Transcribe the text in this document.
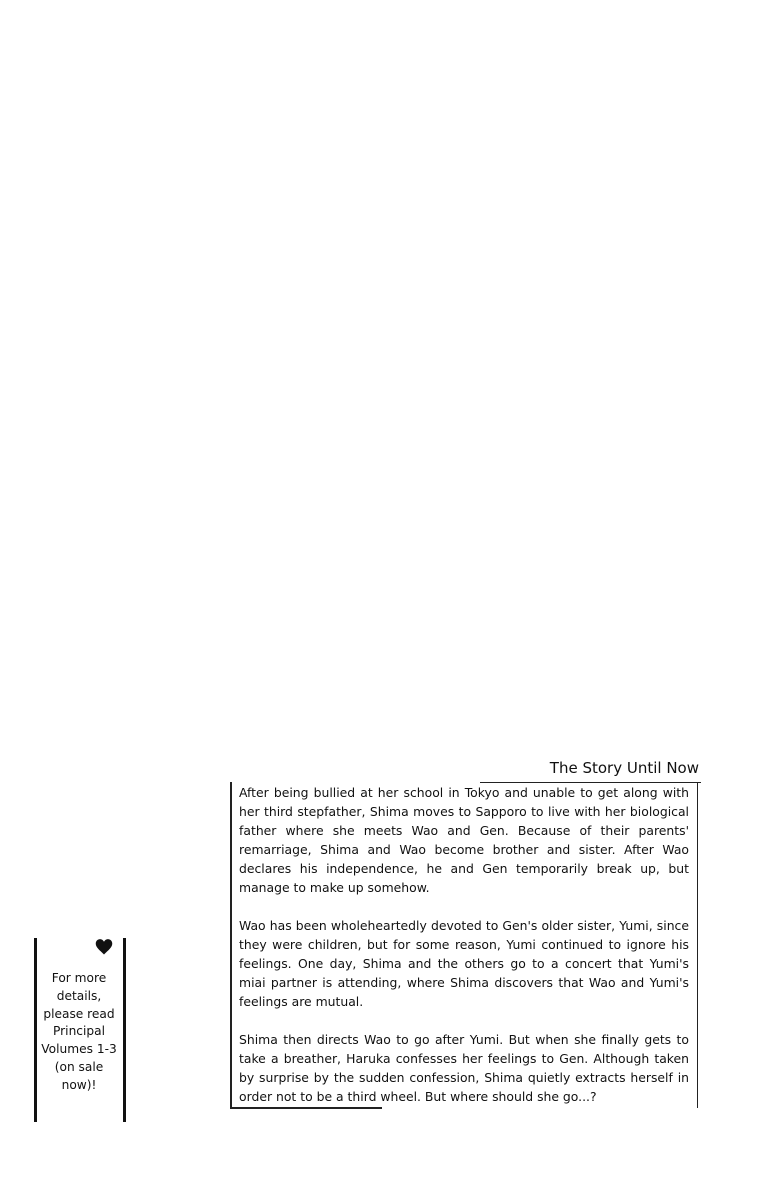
The Story Until Now

After being bullied at her school in Tokyo and unable to get along with her third stepfather, Shima moves to Sapporo to live with her biological father where she meets Wao and Gen. Because of their parents' remarriage, Shima and Wao become brother and sister. After Wao declares his independence, he and Gen temporarily break up, but manage to make up somehow.

Wao has been wholeheartedly devoted to Gen's older sister, Yumi, since they were children, but for some reason, Yumi continued to ignore his feelings. One day, Shima and the others go to a concert that Yumi's miai partner is attending, where Shima discovers that Wao and Yumi's feelings are mutual.

Shima then directs Wao to go after Yumi. But when she finally gets to take a breather, Haruka confesses her feelings to Gen. Although taken by surprise by the sudden confession, Shima quietly extracts herself in order not to be a third wheel. But where should she go...?

For more
details,
please read
Principal
Volumes 1-3
(on sale
now)!
